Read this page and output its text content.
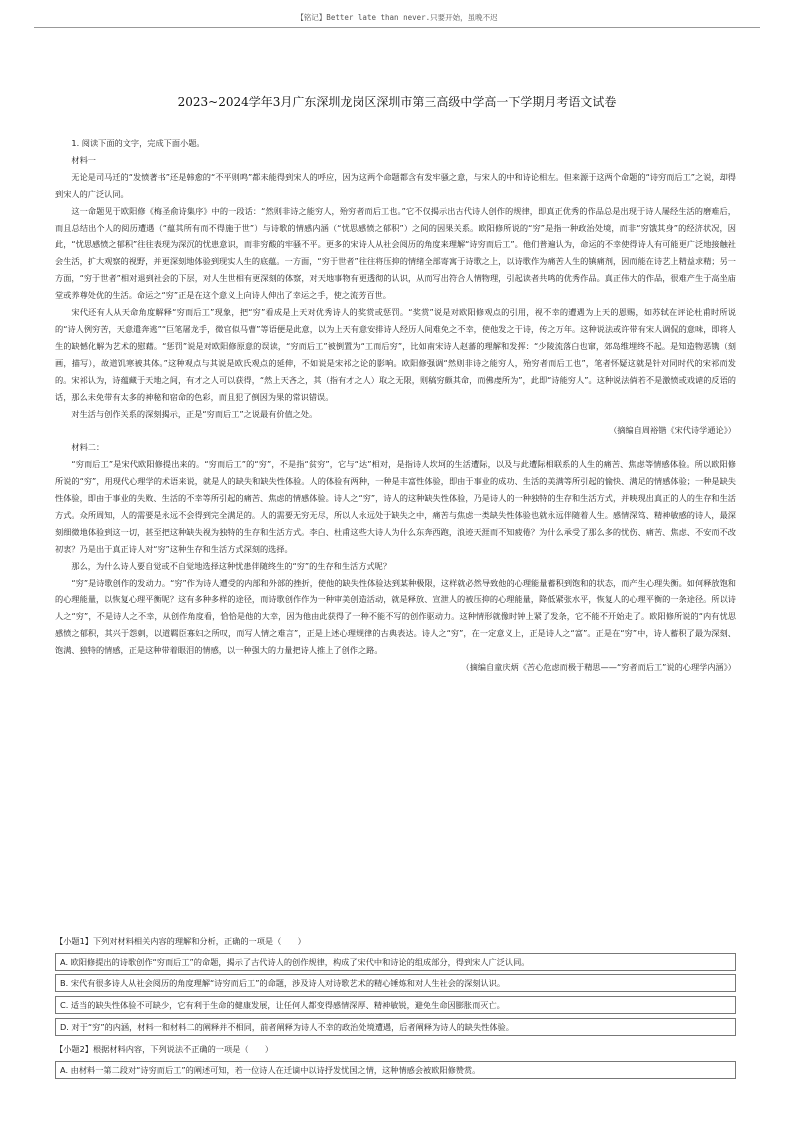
【铭记】Better late than never.只要开始，虽晚不迟
2023~2024学年3月广东深圳龙岗区深圳市第三高级中学高一下学期月考语文试卷

1. 阅读下面的文字，完成下面小题。

材料一

无论是司马迁的“发愤著书”还是韩愈的“不平则鸣”都未能得到宋人的呼应，因为这两个命题都含有发牢骚之意，与宋人的中和诗论相左。但来源于这两个命题的“诗穷而后工”之说，却得到宋人的广泛认同。

这一命题见于欧阳修《梅圣俞诗集序》中的一段话：“然则非诗之能穷人，殆穷者而后工也。”它不仅揭示出古代诗人创作的规律，即真正优秀的作品总是出现于诗人屡经生活的磨难后，而且总结出个人的阅历遭遇（“蕴其所有而不得施于世”）与诗歌的情感内涵（“忧思感愤之郁积”）之间的因果关系。欧阳修所说的“穷”是指一种政治处境，而非“穷饿其身”的经济状况，因此，“忧思感愤之郁积”往往表现为深沉的忧患意识，而非穷酸的牢骚不平。更多的宋诗人从社会阅历的角度来理解“诗穷而后工”。他们普遍认为，命运的不幸使得诗人有可能更广泛地接触社会生活，扩大观察的视野，并更深刻地体验到现实人生的底蕴。一方面，“穷于世者”往往将压抑的情绪全部寄寓于诗歌之上，以诗歌作为痛苦人生的镇痛剂，因而能在诗艺上精益求精；另一方面，“穷于世者”相对退到社会的下层，对人生世相有更深刻的体察，对天地事物有更透彻的认识，从而写出符合人情物理，引起读者共鸣的优秀作品。真正伟大的作品，很难产生于高坐庙堂或养尊处优的生活。命运之“穷”正是在这个意义上向诗人伸出了幸运之手，使之流芳百世。

宋代还有人从天命角度解释“穷而后工”现象，把“穷”看成是上天对优秀诗人的奖赏或惩罚。“奖赏”说是对欧阳修观点的引用，视不幸的遭遇为上天的恩赐，如苏轼在评论杜甫时所说的“诗人例穷苦，天意遣奔逃”“巨笔屠龙手，微官似马曹”等语便是此意，以为上天有意安排诗人经历人间难免之不幸，使他发之于诗，传之万年。这种说法或许带有宋人调侃的意味，即将人生的缺憾化解为艺术的慰藉。“惩罚”说是对欧阳修原意的误读，“穷而后工”被倒置为“工而后穷”，比如南宋诗人赵蕃的理解和发挥：“少陵流落白也窜，郊岛维埋终不起。是知造物恶镌（刻画，描写），故道饥寒被其体。”这种观点与其说是欧氏观点的延伸，不如说是宋祁之论的影响。欧阳修强调“然则非诗之能穷人，殆穷者而后工也”，笔者怀疑这就是针对同时代的宋祁而发的。宋祁认为，诗蕴藏于天地之间，有才之人可以获得，“然上天吝之，其（指有才之人）取之无限，则稿穷颇其命，而佛虔所为”，此即“诗能穷人”。这种说法倘若不是激愤或戏谑的反语的话，那么未免带有太多的神秘和宿命的色彩，而且犯了倒因为果的常识错误。

对生活与创作关系的深刻揭示，正是“穷而后工”之说最有价值之处。

（摘编自周裕锴《宋代诗学通论》）

材料二：

“穷而后工”是宋代欧阳修提出来的。“穷而后工”的“穷”，不是指“贫穷”，它与“达”相对，是指诗人坎坷的生活遭际，以及与此遭际相联系的人生的痛苦、焦虑等情感体验。所以欧阳修所说的“穷”，用现代心理学的术语来说，就是人的缺失和缺失性体验。人的体验有两种，一种是丰富性体验，即由于事业的成功、生活的美满等所引起的愉快、满足的情感体验；一种是缺失性体验，即由于事业的失败、生活的不幸等所引起的痛苦、焦虑的情感体验。诗人之“穷”，诗人的这种缺失性体验，乃是诗人的一种独特的生存和生活方式，并映现出真正的人的生存和生活方式。众所周知，人的需要是永远不会得到完全满足的。人的需要无穷无尽，所以人永远处于缺失之中，痛苦与焦虑一类缺失性体验也就永远伴随着人生。感情深笃、精神敏感的诗人，最深刻细微地体验到这一切，甚至把这种缺失视为独特的生存和生活方式。李白、杜甫这些大诗人为什么东奔西跑，浪迹天涯而不知疲倦？为什么承受了那么多的忧伤、痛苦、焦虑、不安而不改初衷？乃是出于真正诗人对“穷”这种生存和生活方式深刻的选择。

那么，为什么诗人要自觉或不自觉地选择这种忧患伴随终生的“穷”的生存和生活方式呢？

“穷”是诗歌创作的发动力。“穷”作为诗人遭受的内部和外部的挫折，使他的缺失性体验达到某种极限，这样就必然导致他的心理能量蓄积到饱和的状态，而产生心理失衡。如何释放饱和的心理能量，以恢复心理平衡呢？这有多种多样的途径，而诗歌创作作为一种审美创造活动，就是释放、宣泄人的被压抑的心理能量，降低紧张水平，恢复人的心理平衡的一条途径。所以诗人之“穷”，不是诗人之不幸，从创作角度看，恰恰是他的大幸，因为他由此获得了一种不能不写的创作驱动力。这种情形就像时钟上紧了发条，它不能不开始走了。欧阳修所说的“内有忧思感愤之郁积，其兴于怨刺，以道羁臣寡妇之所叹，而写人情之难言”，正是上述心理规律的古典表达。诗人之“穷”，在一定意义上，正是诗人之“富”。正是在“穷”中，诗人蓄积了最为深刻、饱满、独特的情感，正是这种带着眼泪的情感，以一种强大的力量把诗人推上了创作之路。

（摘编自童庆炳《苦心危虑而极于精思——“穷者而后工”说的心理学内涵》）

【小题1】下列对材料相关内容的理解和分析，正确的一项是（　　）
A. 欧阳修提出的诗歌创作“穷而后工”的命题，揭示了古代诗人的创作规律，构成了宋代中和诗论的组成部分，得到宋人广泛认同。
B. 宋代有很多诗人从社会阅历的角度理解“诗穷而后工”的命题，涉及诗人对诗歌艺术的精心锤炼和对人生社会的深刻认识。
C. 适当的缺失性体验不可缺少，它有利于生命的健康发展，让任何人都变得感情深厚、精神敏锐，避免生命因膨胀而灭亡。
D. 对于“穷”的内涵，材料一和材料二的阐释并不相同，前者阐释为诗人不幸的政治处境遭遇，后者阐释为诗人的缺失性体验。
【小题2】根据材料内容，下列说法不正确的一项是（　　）
A. 由材料一第二段对“诗穷而后工”的阐述可知，若一位诗人在迁谪中以诗抒发忧国之情，这种情感会被欧阳修赞赏。
